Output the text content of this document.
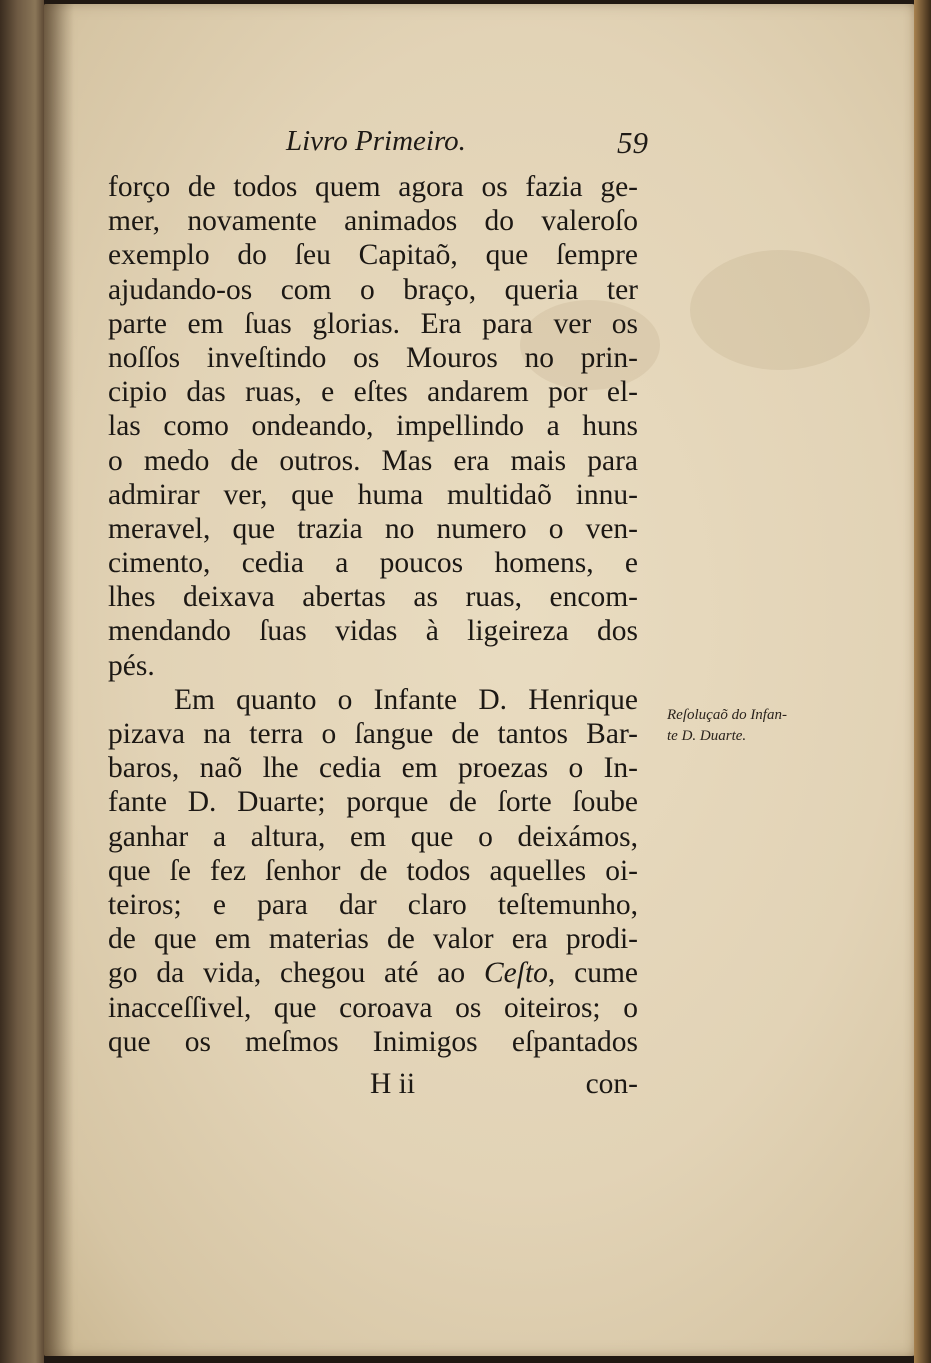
Livro Primeiro.	59
forço de todos quem agora os fazia ge-
mer, novamente animados do valeroſo
exemplo do ſeu Capitaõ, que ſempre
ajudando-os com o braço, queria ter
parte em ſuas glorias. Era para ver os
noſſos inveſtindo os Mouros no prin-
cipio das ruas, e eſtes andarem por el-
las como ondeando, impellindo a huns
o medo de outros. Mas era mais para
admirar ver, que huma multidaõ innu-
meravel, que trazia no numero o ven-
cimento, cedia a poucos homens, e
lhes deixava abertas as ruas, encom-
mendando ſuas vidas à ligeireza dos
pés.
Em quanto o Infante D. Henrique
pizava na terra o ſangue de tantos Bar-
baros, naõ lhe cedia em proezas o In-
fante D. Duarte; porque de ſorte ſoube
ganhar a altura, em que o deixámos,
que ſe fez ſenhor de todos aquelles oi-
teiros; e para dar claro teſtemunho,
de que em materias de valor era prodi-
go da vida, chegou até ao Ceſto, cume
inacceſſivel, que coroava os oiteiros; o
que os meſmos Inimigos eſpantados
Reſoluçaõ do Infan-
te D. Duarte.
H ii	con-
